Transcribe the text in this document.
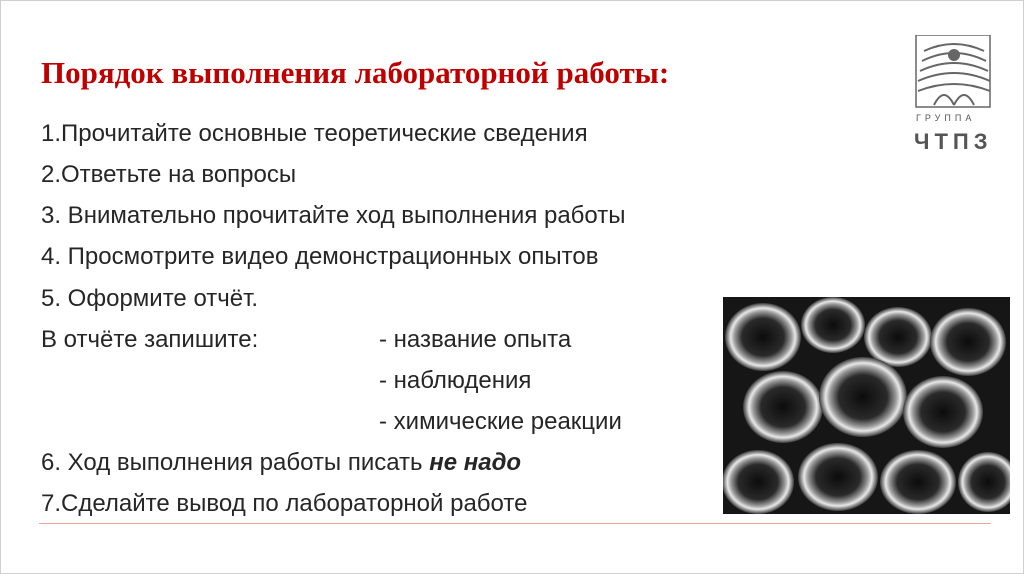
Порядок выполнения лабораторной работы:
1.Прочитайте основные теоретические сведения
2.Ответьте на вопросы
3. Внимательно прочитайте ход выполнения работы
4. Просмотрите видео демонстрационных опытов
5. Оформите отчёт.
В отчёте запишите:	- название опыта
- наблюдения
- химические реакции
6. Ход выполнения работы писать не надо
7.Сделайте вывод по лабораторной работе
ГРУППА
ЧТПЗ
